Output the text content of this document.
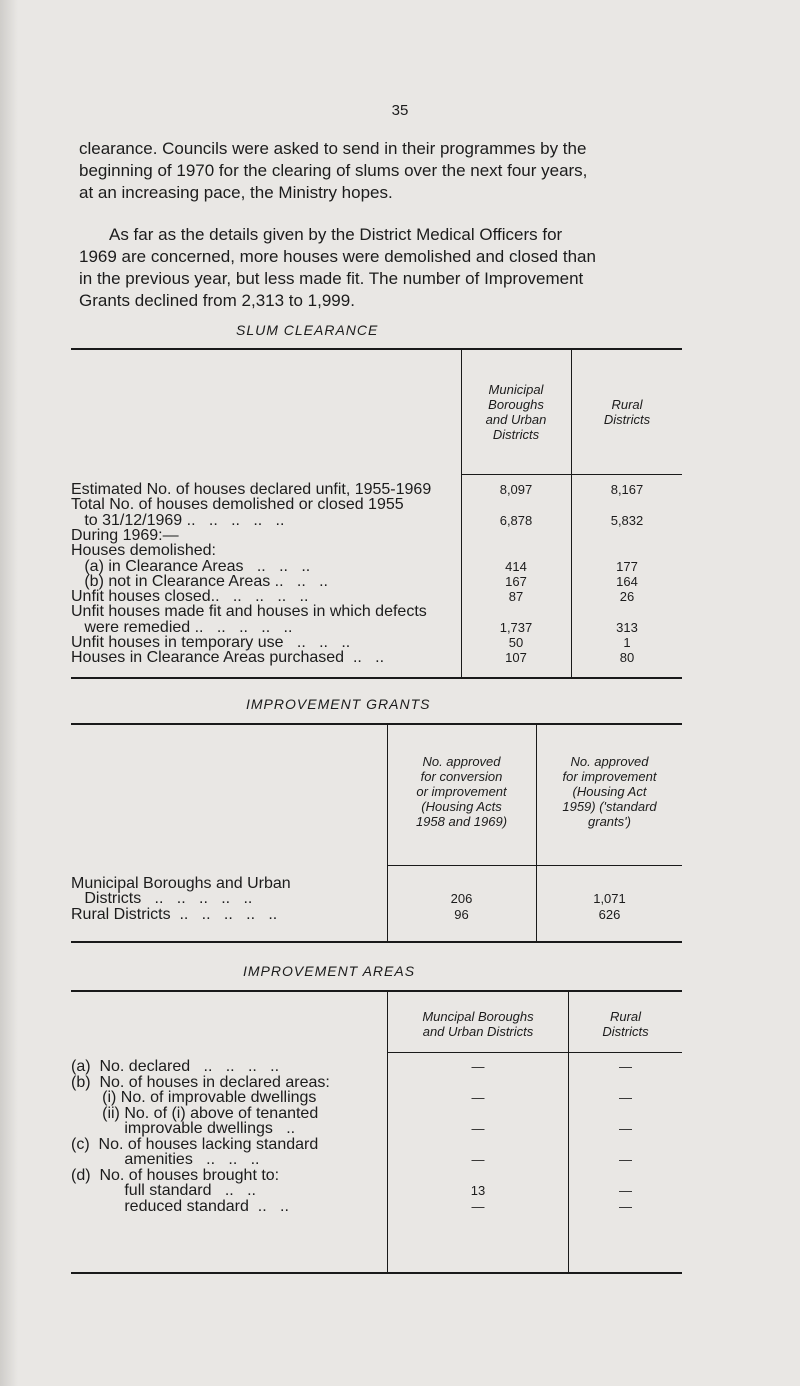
35
clearance. Councils were asked to send in their programmes by the
beginning of 1970 for the clearing of slums over the next four years,
at an increasing pace, the Ministry hopes.
As far as the details given by the District Medical Officers for
1969 are concerned, more houses were demolished and closed than
in the previous year, but less made fit. The number of Improvement
Grants declined from 2,313 to 1,999.
SLUM CLEARANCE
Municipal
Boroughs
and Urban
Districts
Rural
Districts
Estimated No. of houses declared unfit, 1955-1969	8,097	8,167
Total No. of houses demolished or closed 1955
to 31/12/1969 ..   ..   ..   ..   ..	6,878	5,832
During 1969:—
Houses demolished:
(a) in Clearance Areas   ..   ..   ..	414	177
(b) not in Clearance Areas ..   ..   ..	167	164
Unfit houses closed..   ..   ..   ..   ..	87	26
Unfit houses made fit and houses in which defects
were remedied ..   ..   ..   ..   ..	1,737	313
Unfit houses in temporary use   ..   ..   ..	50	1
Houses in Clearance Areas purchased  ..   ..	107	80
IMPROVEMENT GRANTS
No. approved
for conversion
or improvement
(Housing Acts
1958 and 1969)
No. approved
for improvement
(Housing Act
1959) ('standard
grants')
Municipal Boroughs and Urban
Districts   ..   ..   ..   ..   ..	206	1,071
Rural Districts  ..   ..   ..   ..   ..	96	626
IMPROVEMENT AREAS
Muncipal Boroughs
and Urban Districts
Rural
Districts
(a)  No. declared   ..   ..   ..   ..	—	—
(b)  No. of houses in declared areas:
(i) No. of improvable dwellings	—	—
(ii) No. of (i) above of tenanted
improvable dwellings   ..	—	—
(c)  No. of houses lacking standard
amenities   ..   ..   ..	—	—
(d)  No. of houses brought to:
full standard   ..   ..	13	—
reduced standard  ..   ..	—	—
